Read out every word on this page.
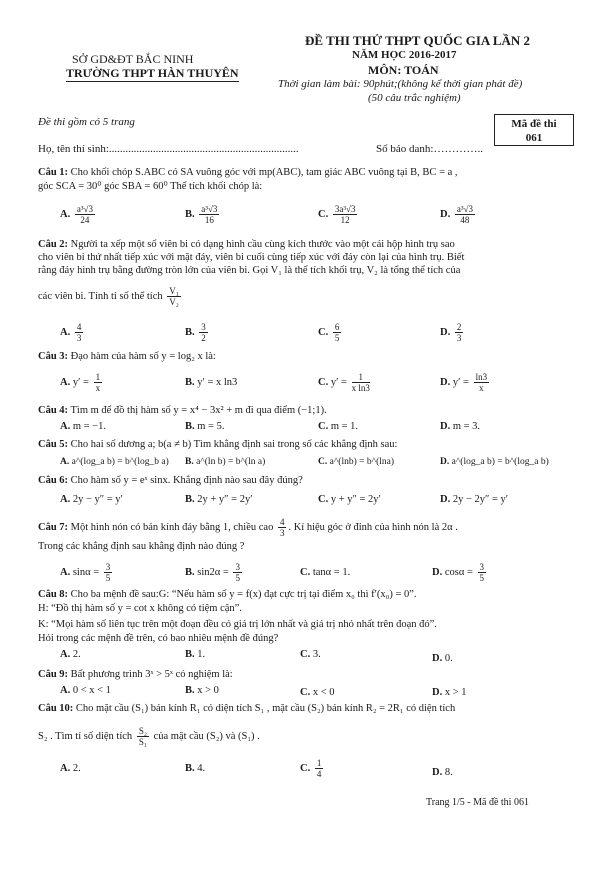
SỞ GD&ĐT BẮC NINH
TRƯỜNG THPT HÀN THUYÊN
ĐỀ THI THỬ THPT QUỐC GIA LẦN 2
NĂM HỌC 2016-2017
MÔN: TOÁN
Thời gian làm bài: 90phút;(không kể thời gian phát đề)
(50 câu trắc nghiệm)
Đề thi gồm có 5 trang	Mã đề thi
061
Họ, tên thí sinh:.....................................................................	Số báo danh:…………..
Câu 1: Cho khối chóp S.ABC có SA vuông góc với mp(ABC), tam giác ABC vuông tại B, BC = a ,
góc SCA = 30⁰ góc SBA = 60⁰ Thể tích khối chóp là:
A. $\frac{\text{a³√3}}{24}$	B. $\frac{\text{a³√3}}{16}$	C. $\frac{\text{3a³√3}}{12}$	D. $\frac{\text{a³√3}}{48}$
Câu 2: Người ta xếp một số viên bi có dạng hình cầu cùng kích thước vào một cái hộp hình trụ sao
cho viên bi thứ nhất tiếp xúc với mặt đáy, viên bi cuối cùng tiếp xúc với đáy còn lại của hình trụ. Biết
rằng đáy hình trụ bằng đường tròn lớn của viên bi. Gọi V₁ là thể tích khối trụ, V₂ là tổng thể tích của
các viên bi. Tính tỉ số thể tích $\frac{\text{V₁}}{\text{V₂}}$
A. $\frac{4}{3}$	B. $\frac{3}{2}$	C. $\frac{6}{5}$	D. $\frac{2}{3}$
Câu 3: Đạo hàm của hàm số y = log₂ x là:
A. $y' = \frac{1}{x}$	B. y′ = x ln3	C. $y' = \frac{1}{\text{x ln3}}$	D. $y' = \frac{\ln 3}{x}$
Câu 4: Tìm m để đồ thị hàm số y = x⁴ − 3x² + m đi qua điểm (−1;1).
A. m = −1.	B. m = 5.	C. m = 1.	D. m = 3.
Câu 5: Cho hai số dương a; b(a ≠ b) Tìm khẳng định sai trong số các khẳng định sau:
A. a^(log_a b) = b^(log_b a) B. a^(ln b) = b^(ln a)	C. a^(lnb) = b^(lna)	D. a^(log_a b) = b^(log_a b)
Câu 6: Cho hàm số y = eˣ sinx. Khẳng định nào sau đây đúng?
A. 2y − y″ = y′	B. 2y + y″ = 2y′	C. y + y″ = 2y′	D. 2y − 2y″ = y′
Câu 7: Một hình nón có bán kính đáy bằng 1, chiều cao $\frac{4}{3}$ . Kí hiệu góc ở đỉnh của hình nón là 2α .
Trong các khẳng định sau khẳng định nào đúng ?
A. $\sin\alpha = \frac{3}{5}$	B. $\sin 2\alpha = \frac{3}{5}$	C. tanα = 1.	D. $\cos\alpha = \frac{3}{5}$
Câu 8: Cho ba mệnh đề sau:G: “Nếu hàm số y = f(x) đạt cực trị tại điểm x₀ thì f′(x₀) = 0”.
H: “Đồ thị hàm số y = cot x không có tiệm cận”.
K: “Mọi hàm số liên tục trên một đoạn đều có giá trị lớn nhất và giá trị nhỏ nhất trên đoạn đó”.
Hỏi trong các mệnh đề trên, có bao nhiêu mệnh đề đúng?
A. 2.	B. 1.	C. 3.	D. 0.
Câu 9: Bất phương trình 3ˣ > 5ˣ có nghiệm là:
A. 0 < x < 1	B. x > 0	C. x < 0	D. x > 1
Câu 10: Cho mặt cầu (S₁) bán kính R₁ có diện tích S₁ , mặt cầu (S₂) bán kính R₂ = 2R₁ có diện tích
S₂ . Tìm tỉ số diện tích $\frac{\text{S₂}}{\text{S₁}}$ của mặt cầu (S₂) và (S₁) .
A. 2.	B. 4.	C. $\frac{1}{4}$	D. 8.
Trang 1/5 - Mã đề thi 061
